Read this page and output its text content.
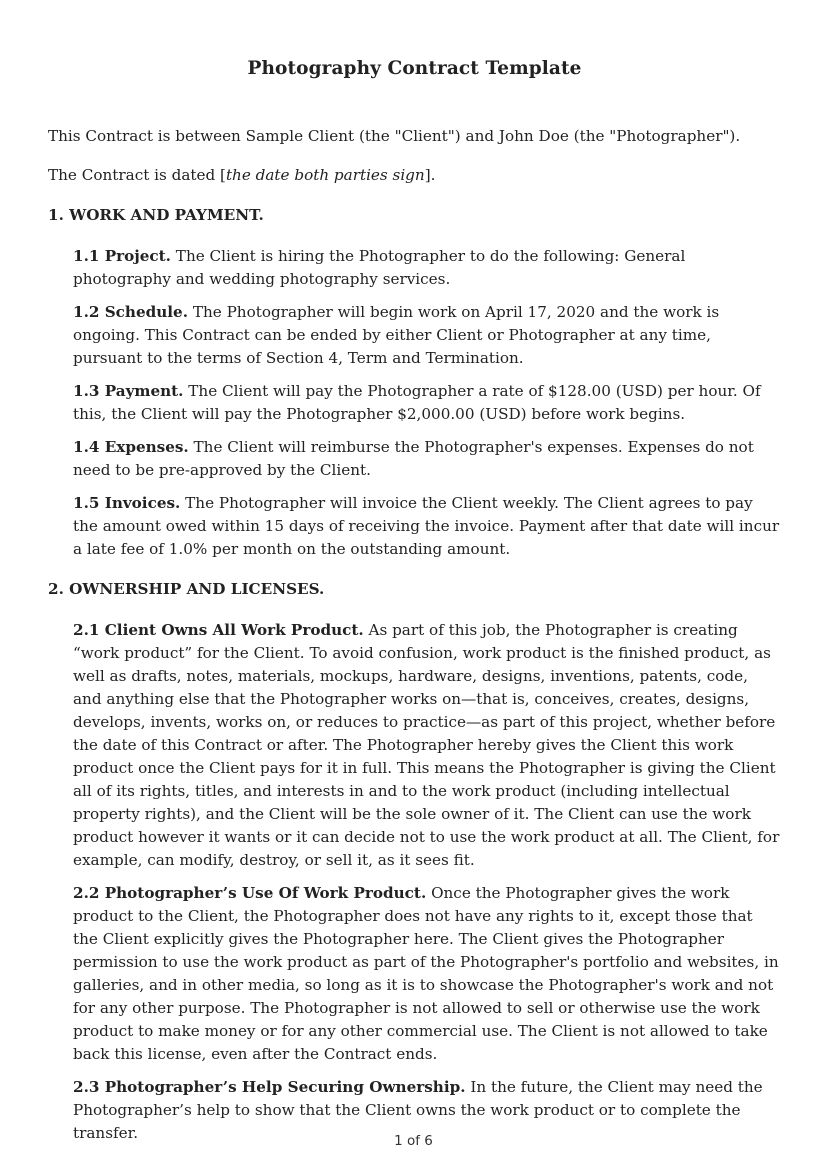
Photography Contract Template

This Contract is between Sample Client (the "Client") and John Doe (the "Photographer").

The Contract is dated [the date both parties sign].

1. WORK AND PAYMENT.

1.1 Project. The Client is hiring the Photographer to do the following: General photography and wedding photography services.

1.2 Schedule. The Photographer will begin work on April 17, 2020 and the work is ongoing. This Contract can be ended by either Client or Photographer at any time, pursuant to the terms of Section 4, Term and Termination.

1.3 Payment. The Client will pay the Photographer a rate of $128.00 (USD) per hour. Of this, the Client will pay the Photographer $2,000.00 (USD) before work begins.

1.4 Expenses. The Client will reimburse the Photographer's expenses. Expenses do not need to be pre-approved by the Client.

1.5 Invoices. The Photographer will invoice the Client weekly. The Client agrees to pay the amount owed within 15 days of receiving the invoice. Payment after that date will incur a late fee of 1.0% per month on the outstanding amount.

2. OWNERSHIP AND LICENSES.

2.1 Client Owns All Work Product. As part of this job, the Photographer is creating “work product” for the Client. To avoid confusion, work product is the finished product, as well as drafts, notes, materials, mockups, hardware, designs, inventions, patents, code, and anything else that the Photographer works on—that is, conceives, creates, designs, develops, invents, works on, or reduces to practice—as part of this project, whether before the date of this Contract or after. The Photographer hereby gives the Client this work product once the Client pays for it in full. This means the Photographer is giving the Client all of its rights, titles, and interests in and to the work product (including intellectual property rights), and the Client will be the sole owner of it. The Client can use the work product however it wants or it can decide not to use the work product at all. The Client, for example, can modify, destroy, or sell it, as it sees fit.

2.2 Photographer’s Use Of Work Product. Once the Photographer gives the work product to the Client, the Photographer does not have any rights to it, except those that the Client explicitly gives the Photographer here. The Client gives the Photographer permission to use the work product as part of the Photographer's portfolio and websites, in galleries, and in other media, so long as it is to showcase the Photographer's work and not for any other purpose. The Photographer is not allowed to sell or otherwise use the work product to make money or for any other commercial use. The Client is not allowed to take back this license, even after the Contract ends.

2.3 Photographer’s Help Securing Ownership. In the future, the Client may need the Photographer’s help to show that the Client owns the work product or to complete the transfer.	1 of 6
